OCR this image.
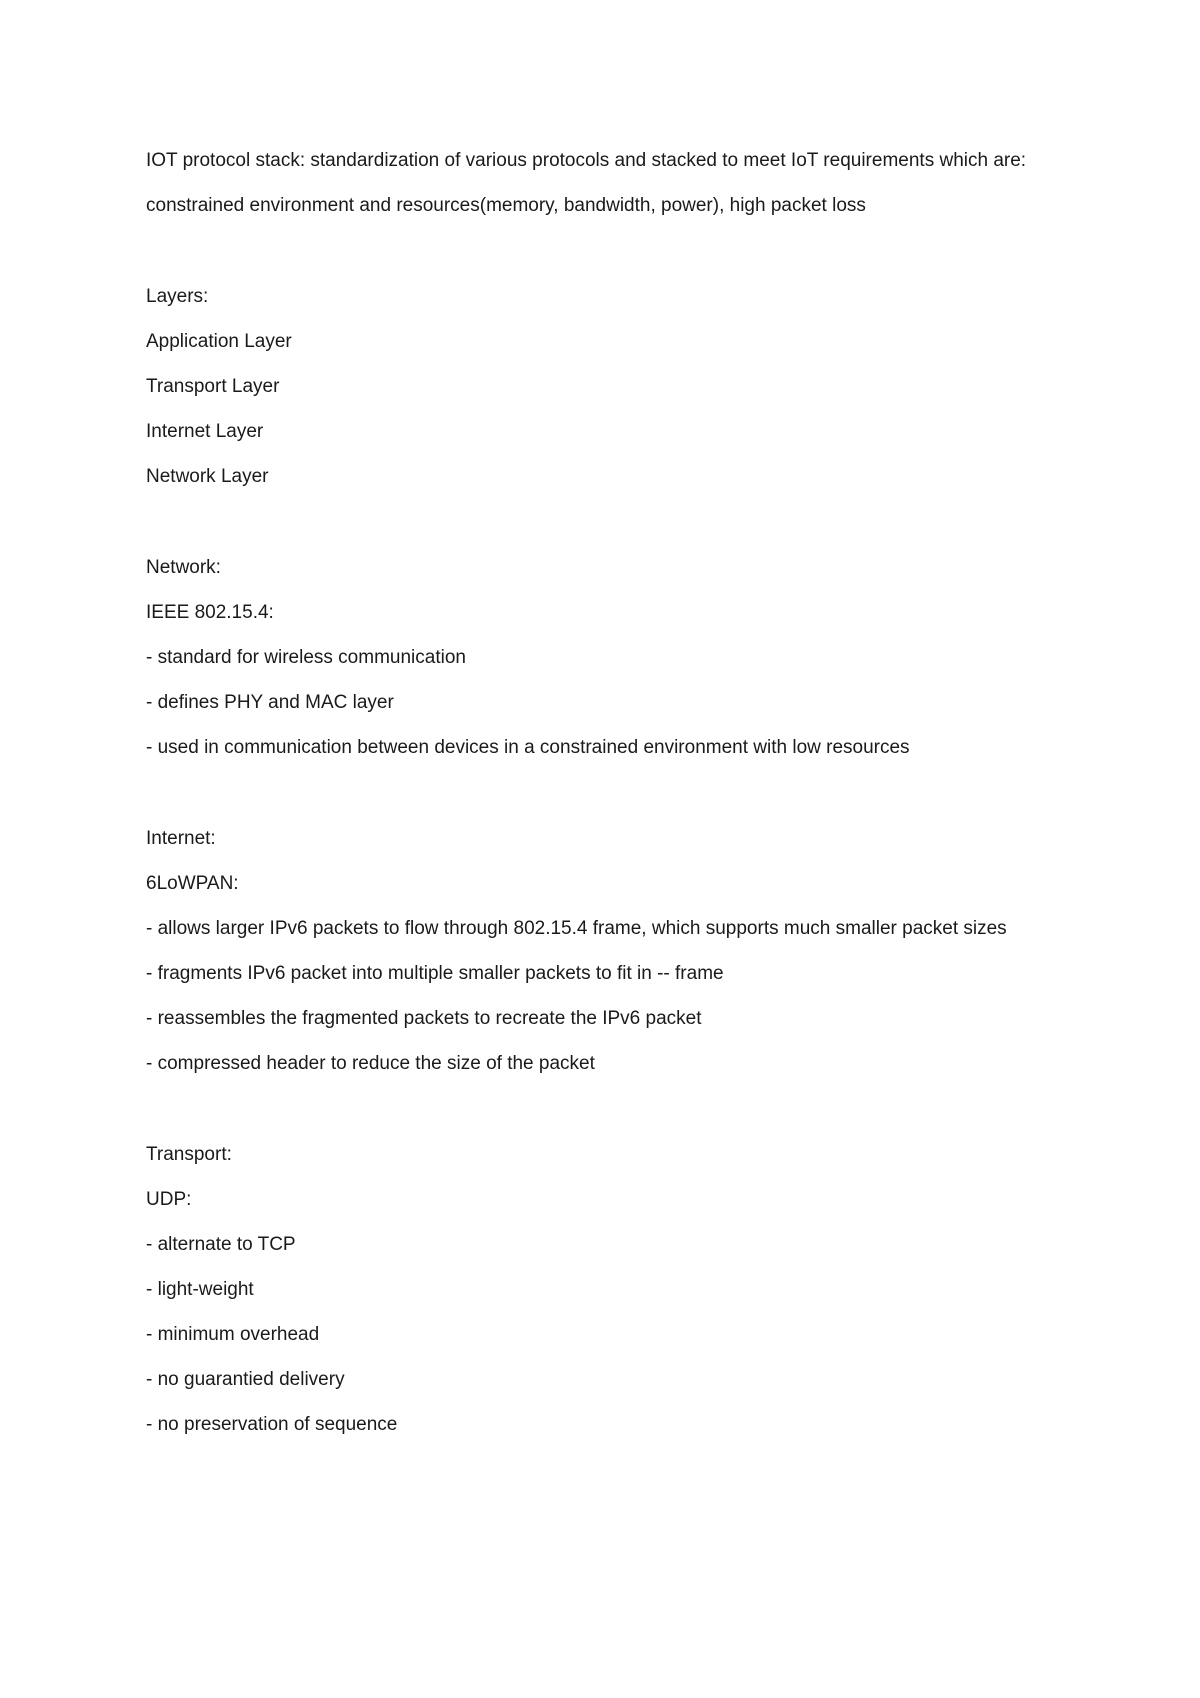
IOT protocol stack: standardization of various protocols and stacked to meet IoT requirements which are:

constrained environment and resources(memory, bandwidth, power), high packet loss

Layers:

Application Layer

Transport Layer

Internet Layer

Network Layer

Network:

IEEE 802.15.4:

- standard for wireless communication

- defines PHY and MAC layer

- used in communication between devices in a constrained environment with low resources

Internet:

6LoWPAN:

- allows larger IPv6 packets to flow through 802.15.4 frame, which supports much smaller packet sizes

- fragments IPv6 packet into multiple smaller packets to fit in -- frame

- reassembles the fragmented packets to recreate the IPv6 packet

- compressed header to reduce the size of the packet

Transport:

UDP:

- alternate to TCP

- light-weight

- minimum overhead

- no guarantied delivery

- no preservation of sequence
